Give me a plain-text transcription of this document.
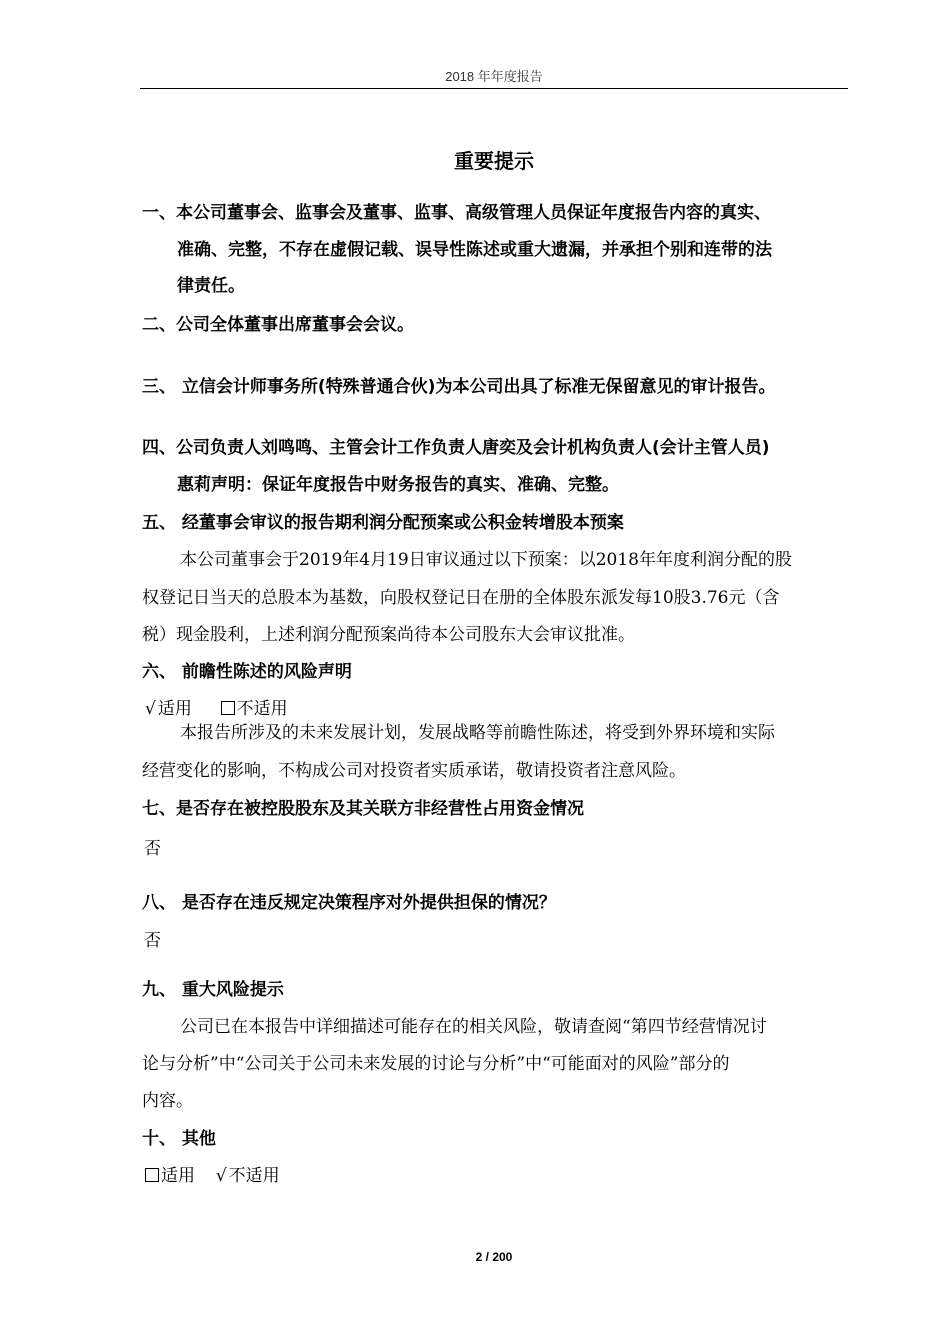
2018 年年度报告
重要提示
一、本公司董事会、监事会及董事、监事、高级管理人员保证年度报告内容的真实、
准确、完整，不存在虚假记载、误导性陈述或重大遗漏，并承担个别和连带的法
律责任。
二、公司全体董事出席董事会会议。
三、 立信会计师事务所(特殊普通合伙)为本公司出具了标准无保留意见的审计报告。
四、公司负责人刘鸣鸣、主管会计工作负责人唐奕及会计机构负责人(会计主管人员)
惠莉声明：保证年度报告中财务报告的真实、准确、完整。
五、 经董事会审议的报告期利润分配预案或公积金转增股本预案
本公司董事会于2019年4月19日审议通过以下预案：以2018年年度利润分配的股
权登记日当天的总股本为基数，向股权登记日在册的全体股东派发每10股3.76元（含
税）现金股利，上述利润分配预案尚待本公司股东大会审议批准。
六、 前瞻性陈述的风险声明
√ 适用	不适用
本报告所涉及的未来发展计划，发展战略等前瞻性陈述，将受到外界环境和实际
经营变化的影响，不构成公司对投资者实质承诺，敬请投资者注意风险。
七、是否存在被控股股东及其关联方非经营性占用资金情况
否
八、 是否存在违反规定决策程序对外提供担保的情况？
否
九、 重大风险提示
公司已在本报告中详细描述可能存在的相关风险，敬请查阅“第四节经营情况讨
论与分析”中“公司关于公司未来发展的讨论与分析”中“可能面对的风险”部分的
内容。
十、 其他
适用 √ 不适用
2 / 200
